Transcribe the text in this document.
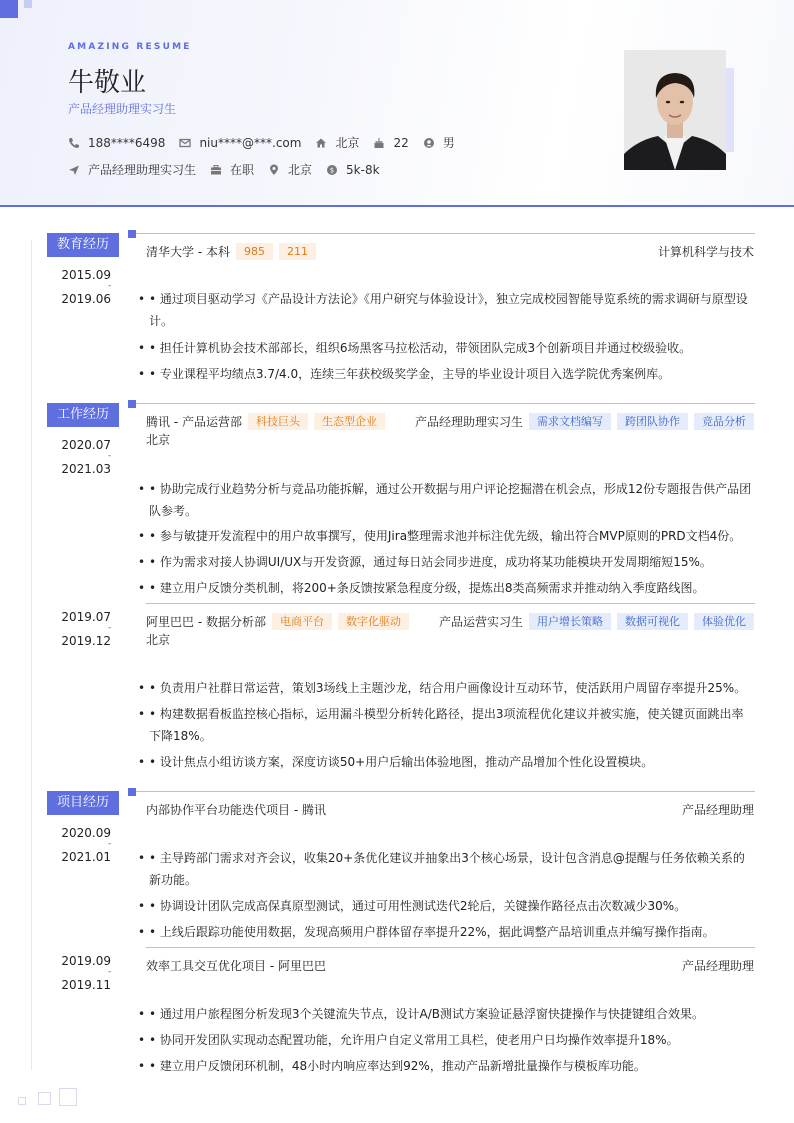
AMAZING RESUME
牛敬业
产品经理助理实习生
188****6498	niu****@***.com	北京	22	男
产品经理助理实习生	在职	北京	$ 5k-8k
教育经历
2015.09
-
2019.06
清华大学 - 本科	985	211	计算机科学与技术
• • 通过项目驱动学习《产品设计方法论》《用户研究与体验设计》，独立完成校园智能导览系统的需求调研与原型设计。
• • 担任计算机协会技术部部长，组织6场黑客马拉松活动，带领团队完成3个创新项目并通过校级验收。
• • 专业课程平均绩点3.7/4.0，连续三年获校级奖学金，主导的毕业设计项目入选学院优秀案例库。
工作经历
2020.07
-
2021.03
腾讯 - 产品运营部	科技巨头	生态型企业	产品经理助理实习生	需求文档编写	跨团队协作	竞品分析
北京
• • 协助完成行业趋势分析与竞品功能拆解，通过公开数据与用户评论挖掘潜在机会点，形成12份专题报告供产品团队参考。
• • 参与敏捷开发流程中的用户故事撰写，使用Jira整理需求池并标注优先级，输出符合MVP原则的PRD文档4份。
• • 作为需求对接人协调UI/UX与开发资源，通过每日站会同步进度，成功将某功能模块开发周期缩短15%。
• • 建立用户反馈分类机制，将200+条反馈按紧急程度分级，提炼出8类高频需求并推动纳入季度路线图。
2019.07
-
2019.12
阿里巴巴 - 数据分析部	电商平台	数字化驱动	产品运营实习生	用户增长策略	数据可视化	体验优化
北京
• • 负责用户社群日常运营，策划3场线上主题沙龙，结合用户画像设计互动环节，使活跃用户周留存率提升25%。
• • 构建数据看板监控核心指标，运用漏斗模型分析转化路径，提出3项流程优化建议并被实施，使关键页面跳出率下降18%。
• • 设计焦点小组访谈方案，深度访谈50+用户后输出体验地图，推动产品增加个性化设置模块。
项目经历
2020.09
-
2021.01
内部协作平台功能迭代项目 - 腾讯	产品经理助理
• • 主导跨部门需求对齐会议，收集20+条优化建议并抽象出3个核心场景，设计包含消息@提醒与任务依赖关系的新功能。
• • 协调设计团队完成高保真原型测试，通过可用性测试迭代2轮后，关键操作路径点击次数减少30%。
• • 上线后跟踪功能使用数据，发现高频用户群体留存率提升22%，据此调整产品培训重点并编写操作指南。
2019.09
-
2019.11
效率工具交互优化项目 - 阿里巴巴	产品经理助理
• • 通过用户旅程图分析发现3个关键流失节点，设计A/B测试方案验证悬浮窗快捷操作与快捷键组合效果。
• • 协同开发团队实现动态配置功能，允许用户自定义常用工具栏，使老用户日均操作效率提升18%。
• • 建立用户反馈闭环机制，48小时内响应率达到92%，推动产品新增批量操作与模板库功能。
